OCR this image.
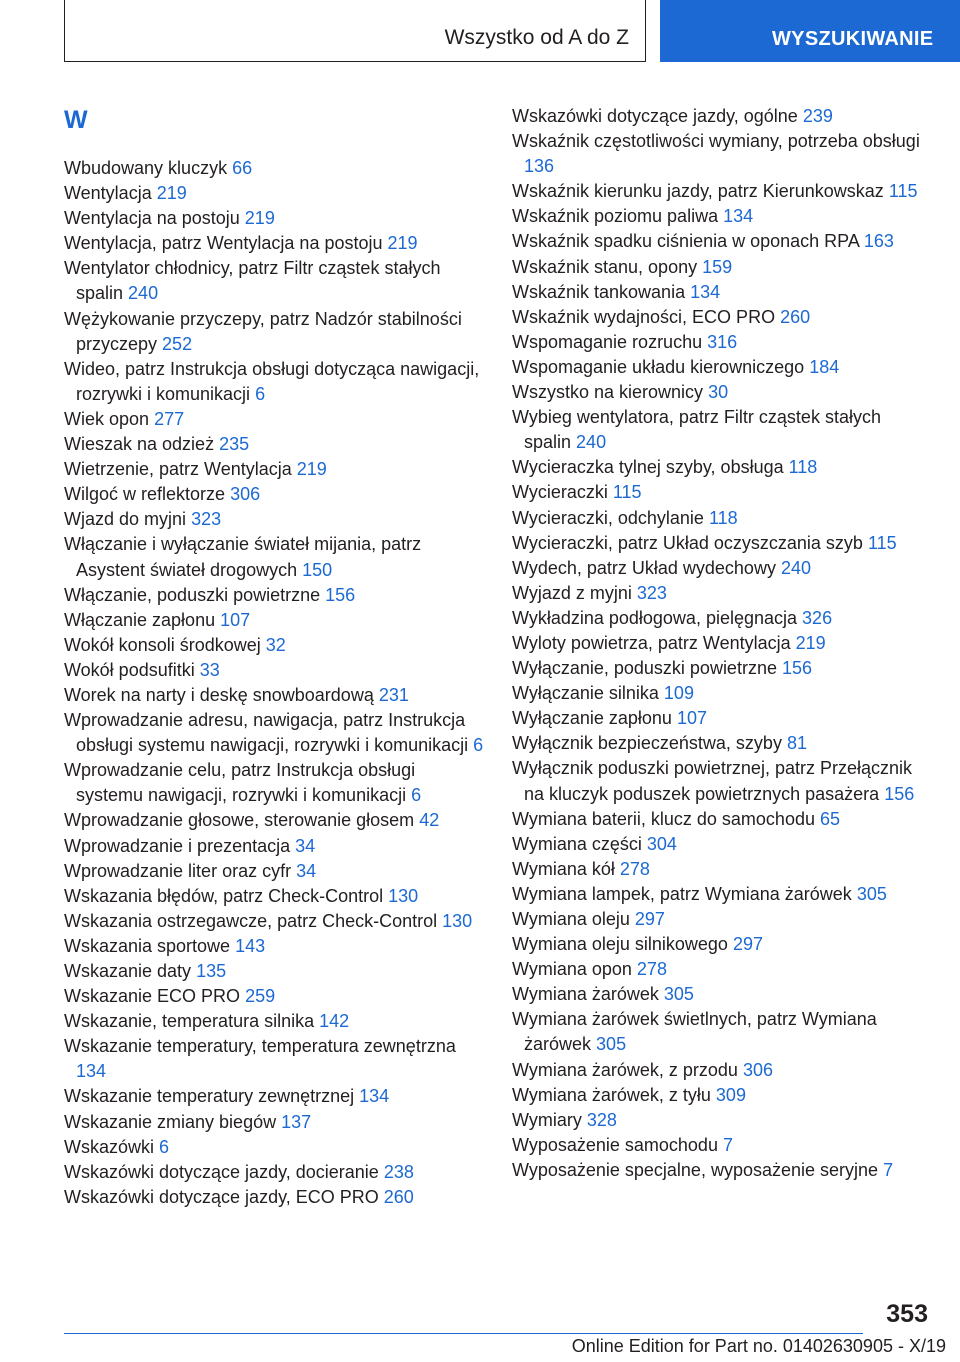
Wszystko od A do Z	WYSZUKIWANIE
W
Wbudowany kluczyk 66
Wentylacja 219
Wentylacja na postoju 219
Wentylacja, patrz Wentylacja na postoju 219
Wentylator chłodnicy, patrz Filtr cząstek stałych spalin 240
Wężykowanie przyczepy, patrz Nadzór stabilności przyczepy 252
Wideo, patrz Instrukcja obsługi dotycząca nawigacji, rozrywki i komunikacji 6
Wiek opon 277
Wieszak na odzież 235
Wietrzenie, patrz Wentylacja 219
Wilgoć w reflektorze 306
Wjazd do myjni 323
Włączanie i wyłączanie świateł mijania, patrz Asystent świateł drogowych 150
Włączanie, poduszki powietrzne 156
Włączanie zapłonu 107
Wokół konsoli środkowej 32
Wokół podsufitki 33
Worek na narty i deskę snowboardową 231
Wprowadzanie adresu, nawigacja, patrz Instrukcja obsługi systemu nawigacji, rozrywki i komunikacji 6
Wprowadzanie celu, patrz Instrukcja obsługi systemu nawigacji, rozrywki i komunikacji 6
Wprowadzanie głosowe, sterowanie głosem 42
Wprowadzanie i prezentacja 34
Wprowadzanie liter oraz cyfr 34
Wskazania błędów, patrz Check-Control 130
Wskazania ostrzegawcze, patrz Check-Control 130
Wskazania sportowe 143
Wskazanie daty 135
Wskazanie ECO PRO 259
Wskazanie, temperatura silnika 142
Wskazanie temperatury, temperatura zewnętrzna 134
Wskazanie temperatury zewnętrznej 134
Wskazanie zmiany biegów 137
Wskazówki 6
Wskazówki dotyczące jazdy, docieranie 238
Wskazówki dotyczące jazdy, ECO PRO 260
Wskazówki dotyczące jazdy, ogólne 239
Wskaźnik częstotliwości wymiany, potrzeba obsługi 136
Wskaźnik kierunku jazdy, patrz Kierunkowskaz 115
Wskaźnik poziomu paliwa 134
Wskaźnik spadku ciśnienia w oponach RPA 163
Wskaźnik stanu, opony 159
Wskaźnik tankowania 134
Wskaźnik wydajności, ECO PRO 260
Wspomaganie rozruchu 316
Wspomaganie układu kierowniczego 184
Wszystko na kierownicy 30
Wybieg wentylatora, patrz Filtr cząstek stałych spalin 240
Wycieraczka tylnej szyby, obsługa 118
Wycieraczki 115
Wycieraczki, odchylanie 118
Wycieraczki, patrz Układ oczyszczania szyb 115
Wydech, patrz Układ wydechowy 240
Wyjazd z myjni 323
Wykładzina podłogowa, pielęgnacja 326
Wyloty powietrza, patrz Wentylacja 219
Wyłączanie, poduszki powietrzne 156
Wyłączanie silnika 109
Wyłączanie zapłonu 107
Wyłącznik bezpieczeństwa, szyby 81
Wyłącznik poduszki powietrznej, patrz Przełącznik na kluczyk poduszek powietrznych pasażera 156
Wymiana baterii, klucz do samochodu 65
Wymiana części 304
Wymiana kół 278
Wymiana lampek, patrz Wymiana żarówek 305
Wymiana oleju 297
Wymiana oleju silnikowego 297
Wymiana opon 278
Wymiana żarówek 305
Wymiana żarówek świetlnych, patrz Wymiana żarówek 305
Wymiana żarówek, z przodu 306
Wymiana żarówek, z tyłu 309
Wymiary 328
Wyposażenie samochodu 7
Wyposażenie specjalne, wyposażenie seryjne 7
353
Online Edition for Part no. 01402630905 - X/19
